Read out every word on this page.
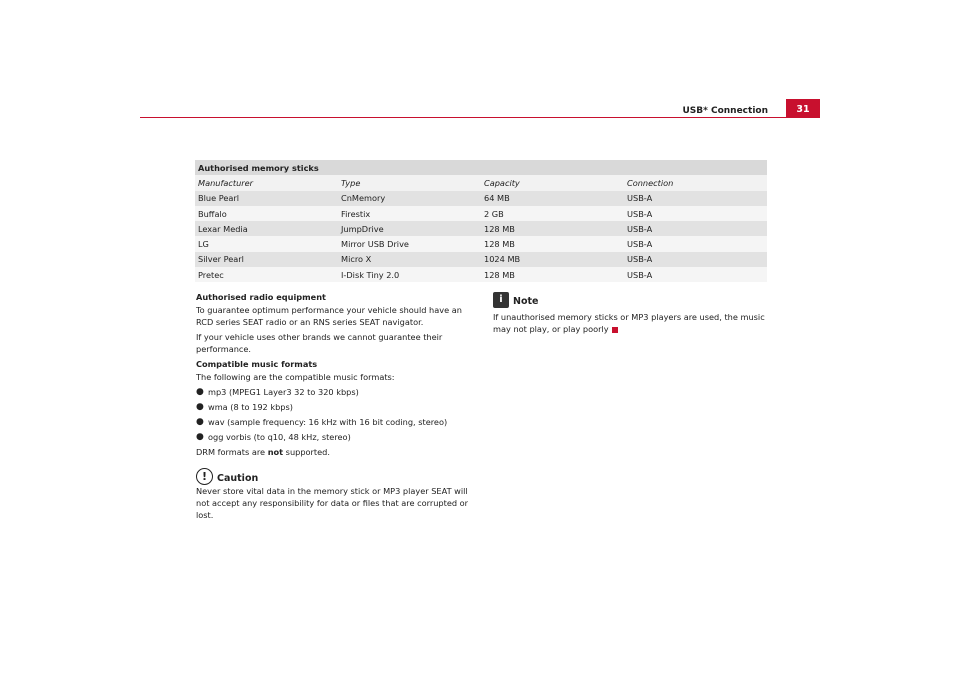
USB* Connection	31
Authorised memory sticks
Manufacturer	Type	Capacity	Connection
Blue Pearl	CnMemory	64 MB	USB-A
Buffalo	Firestix	2 GB	USB-A
Lexar Media	JumpDrive	128 MB	USB-A
LG	Mirror USB Drive	128 MB	USB-A
Silver Pearl	Micro X	1024 MB	USB-A
Pretec	I-Disk Tiny 2.0	128 MB	USB-A

Authorised radio equipment

To guarantee optimum performance your vehicle should have an RCD series SEAT radio or an RNS series SEAT navigator.

If your vehicle uses other brands we cannot guarantee their performance.

Compatible music formats

The following are the compatible music formats:

● mp3 (MPEG1 Layer3 32 to 320 kbps)
● wma (8 to 192 kbps)
● wav (sample frequency: 16 kHz with 16 bit coding, stereo)
● ogg vorbis (to q10, 48 kHz, stereo)

DRM formats are not supported.

!	Caution

Never store vital data in the memory stick or MP3 player SEAT will not accept any responsibility for data or files that are corrupted or lost.

i	Note

If unauthorised memory sticks or MP3 players are used, the music may not play, or play poorly
